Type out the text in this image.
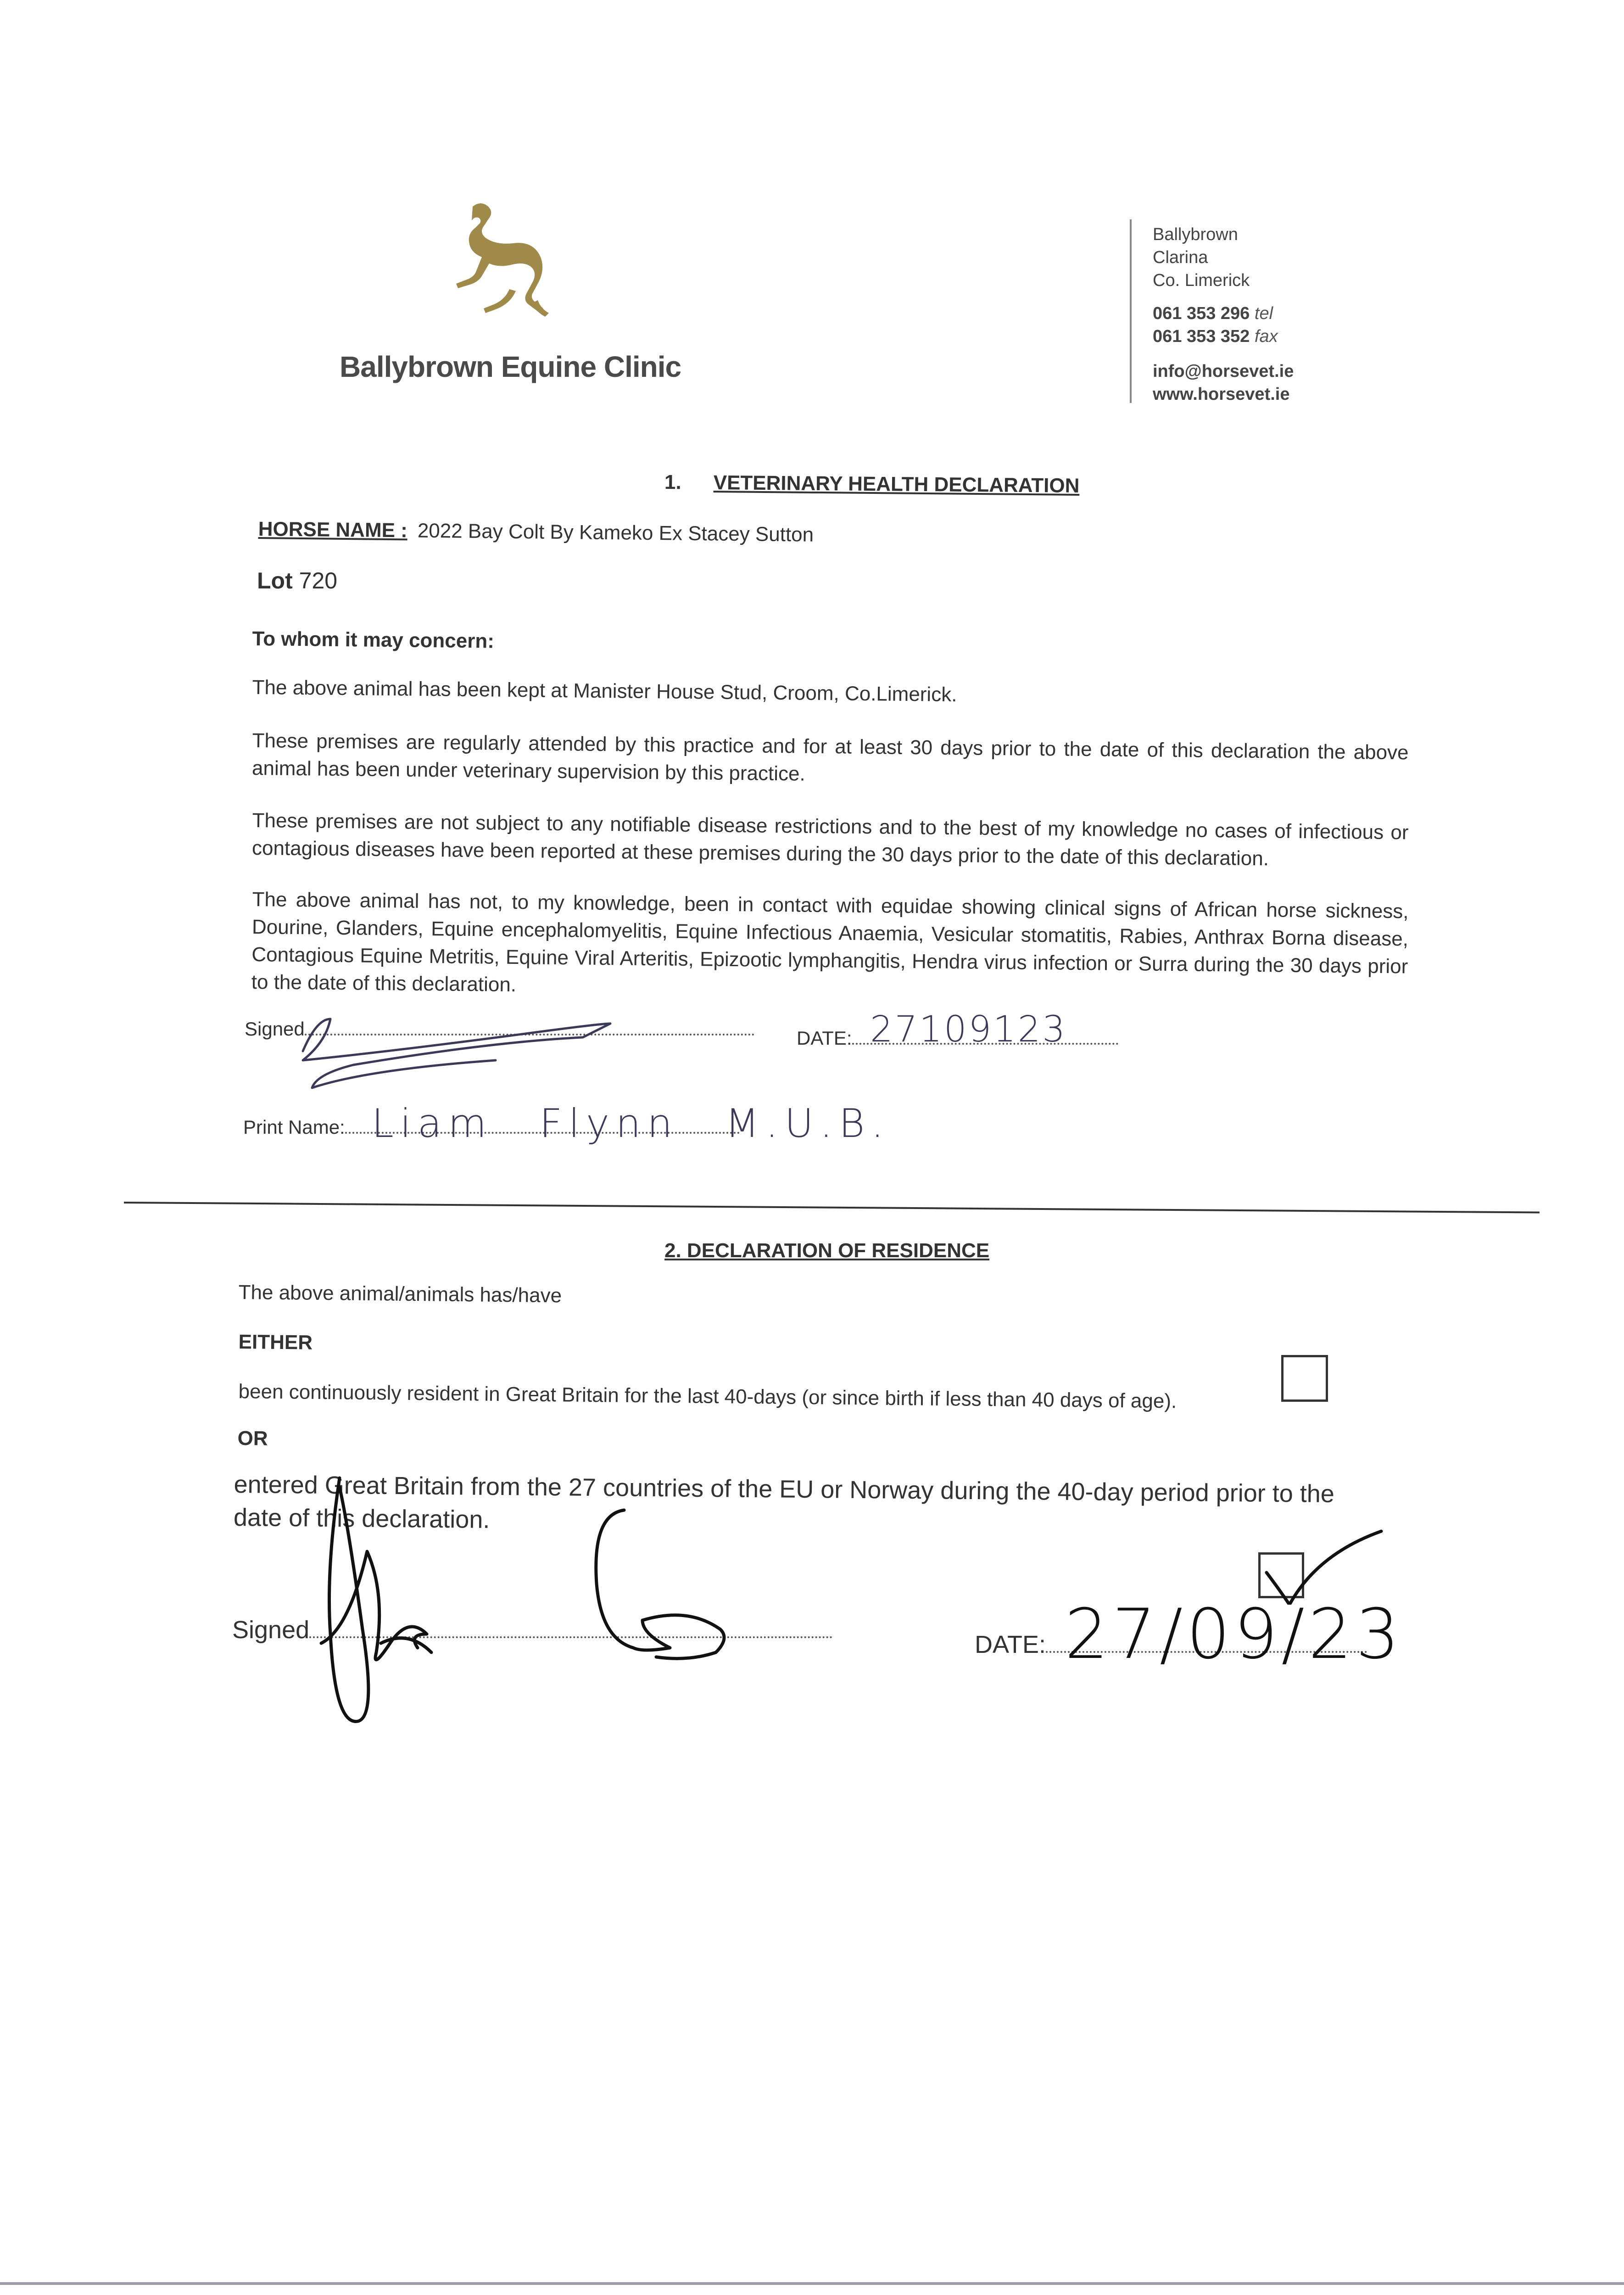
Ballybrown Equine Clinic
Ballybrown
Clarina
Co. Limerick
061 353 296 tel
061 353 352 fax
info@horsevet.ie
www.horsevet.ie
1. VETERINARY HEALTH DECLARATION
HORSE NAME : 2022 Bay Colt By Kameko Ex Stacey Sutton
Lot 720
To whom it may concern:
The above animal has been kept at Manister House Stud, Croom, Co.Limerick.
These premises are regularly attended by this practice and for at least 30 days prior to the date of this declaration the above animal has been under veterinary supervision by this practice.
These premises are not subject to any notifiable disease restrictions and to the best of my knowledge no cases of infectious or contagious diseases have been reported at these premises during the 30 days prior to the date of this declaration.
The above animal has not, to my knowledge, been in contact with equidae showing clinical signs of African horse sickness, Dourine, Glanders, Equine encephalomyelitis, Equine Infectious Anaemia, Vesicular stomatitis, Rabies, Anthrax Borna disease, Contagious Equine Metritis, Equine Viral Arteritis, Epizootic lymphangitis, Hendra virus infection or Surra during the 30 days prior to the date of this declaration.
Signed	DATE: 27109123
Print Name: Liam Flynn M.U.B.
2. DECLARATION OF RESIDENCE
The above animal/animals has/have
EITHER
been continuously resident in Great Britain for the last 40-days (or since birth if less than 40 days of age).
OR
entered Great Britain from the 27 countries of the EU or Norway during the 40-day period prior to the date of this declaration.
Signed
DATE: 27/09/23
